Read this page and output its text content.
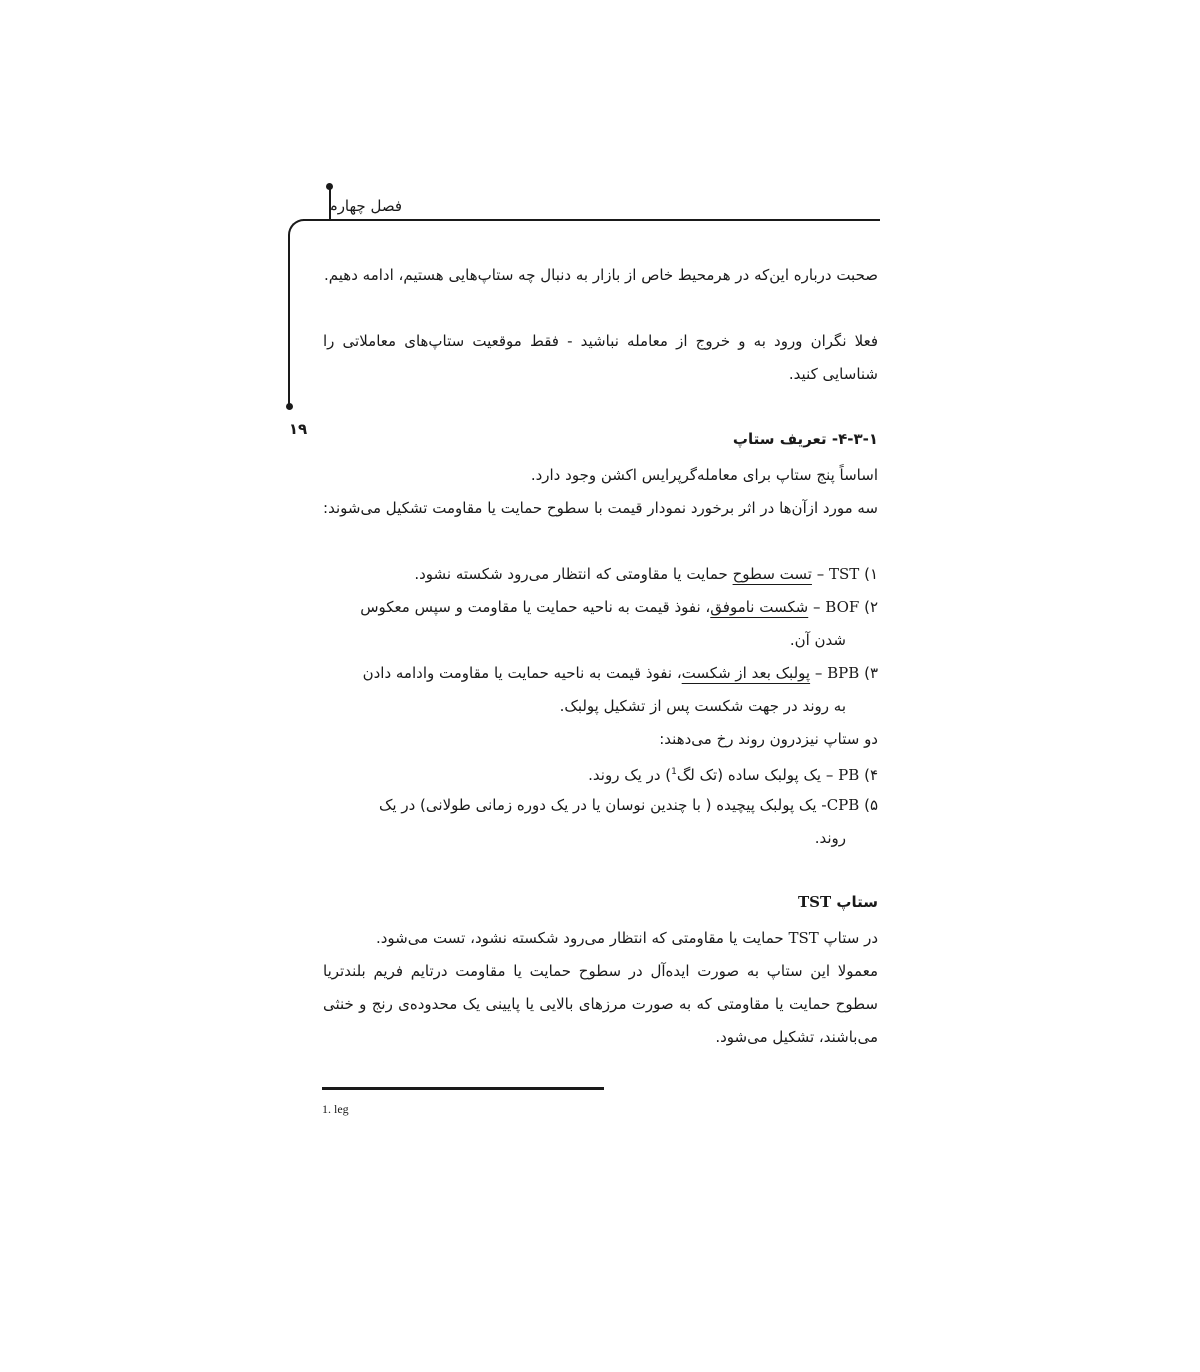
فصل چهارم
۱۹
صحبت درباره این‌که در هرمحیط خاص از بازار به دنبال چه ستاپ‌هایی هستیم، ادامه دهیم.
فعلا نگران ورود به و خروج از معامله نباشید - فقط موقعیت ستاپ‌های معاملاتی را شناسایی کنید.
۴-۳-۱- تعریف ستاپ
اساساً پنج ستاپ برای معامله‌گرپرایس اکشن وجود دارد.
سه مورد ازآن‌ها در اثر برخورد نمودار قیمت با سطوح حمایت یا مقاومت تشکیل می‌شوند:
۱) TST – تست سطوح حمایت یا مقاومتی که انتظار می‌رود شکسته نشود.
۲) BOF – شکست ناموفق، نفوذ قیمت به ناحیه حمایت یا مقاومت و سپس معکوس
شدن آن.
۳) BPB – پولبک بعد از شکست، نفوذ قیمت به ناحیه حمایت یا مقاومت وادامه دادن
به روند در جهت شکست پس از تشکیل پولبک.
دو ستاپ نیزدرون روند رخ می‌دهند:
۴) PB – یک پولبک ساده (تک لگ$^1$) در یک روند.
۵) CPB- یک پولبک پیچیده ( با چندین نوسان یا در یک دوره زمانی طولانی) در یک
روند.
ستاپ TST
در ستاپ TST حمایت یا مقاومتی که انتظار می‌رود شکسته نشود، تست می‌شود.
معمولا این ستاپ به صورت ایده‌آل در سطوح حمایت یا مقاومت درتایم فریم بلندتریا سطوح حمایت یا مقاومتی که به صورت مرزهای بالایی یا پایینی یک محدوده‌ی رنج و خنثی می‌باشند، تشکیل می‌شود.
1. leg
